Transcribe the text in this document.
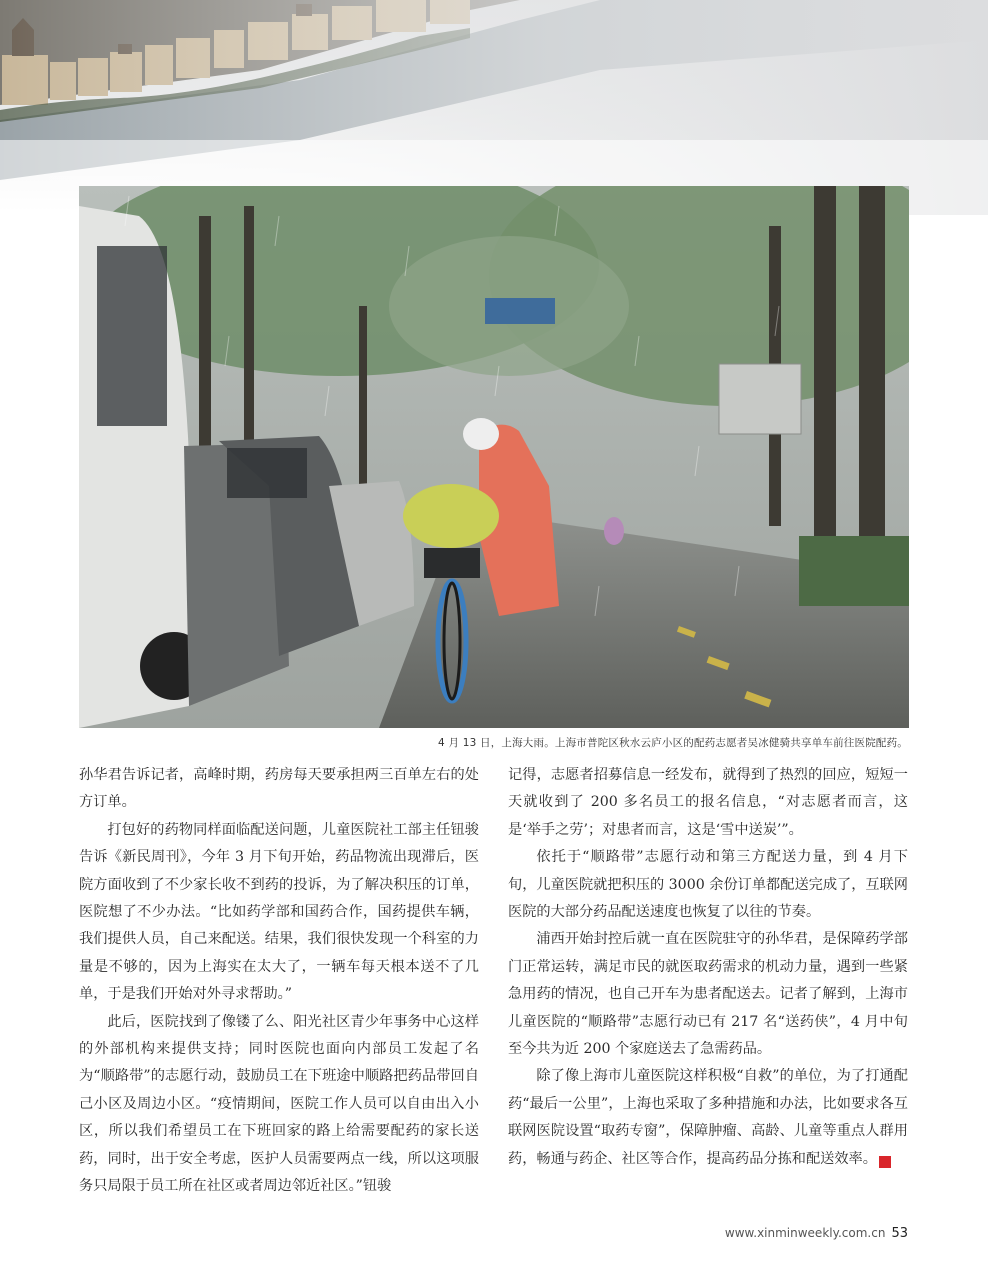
4 月 13 日，上海大雨。上海市普陀区秋水云庐小区的配药志愿者吴冰健骑共享单车前往医院配药。

孙华君告诉记者，高峰时期，药房每天要承担两三百单左右的处方订单。

打包好的药物同样面临配送问题，儿童医院社工部主任钮骏告诉《新民周刊》，今年 3 月下旬开始，药品物流出现滞后，医院方面收到了不少家长收不到药的投诉，为了解决积压的订单，医院想了不少办法。“比如药学部和国药合作，国药提供车辆，我们提供人员，自己来配送。结果，我们很快发现一个科室的力量是不够的，因为上海实在太大了，一辆车每天根本送不了几单，于是我们开始对外寻求帮助。”

此后，医院找到了像镂了么、阳光社区青少年事务中心这样的外部机构来提供支持；同时医院也面向内部员工发起了名为“顺路带”的志愿行动，鼓励员工在下班途中顺路把药品带回自己小区及周边小区。“疫情期间，医院工作人员可以自由出入小区，所以我们希望员工在下班回家的路上给需要配药的家长送药，同时，出于安全考虑，医护人员需要两点一线，所以这项服务只局限于员工所在社区或者周边邻近社区。”钮骏

记得，志愿者招募信息一经发布，就得到了热烈的回应，短短一天就收到了 200 多名员工的报名信息，“对志愿者而言，这是‘举手之劳’；对患者而言，这是‘雪中送炭’”。

依托于“顺路带”志愿行动和第三方配送力量，到 4 月下旬，儿童医院就把积压的 3000 余份订单都配送完成了，互联网医院的大部分药品配送速度也恢复了以往的节奏。

浦西开始封控后就一直在医院驻守的孙华君，是保障药学部门正常运转，满足市民的就医取药需求的机动力量，遇到一些紧急用药的情况，也自己开车为患者配送去。记者了解到，上海市儿童医院的“顺路带”志愿行动已有 217 名“送药侠”，4 月中旬至今共为近 200 个家庭送去了急需药品。

除了像上海市儿童医院这样积极“自救”的单位，为了打通配药“最后一公里”，上海也采取了多种措施和办法，比如要求各互联网医院设置“取药专窗”，保障肿瘤、高龄、儿童等重点人群用药，畅通与药企、社区等合作，提高药品分拣和配送效率。	民

www.xinminweekly.com.cn 53
